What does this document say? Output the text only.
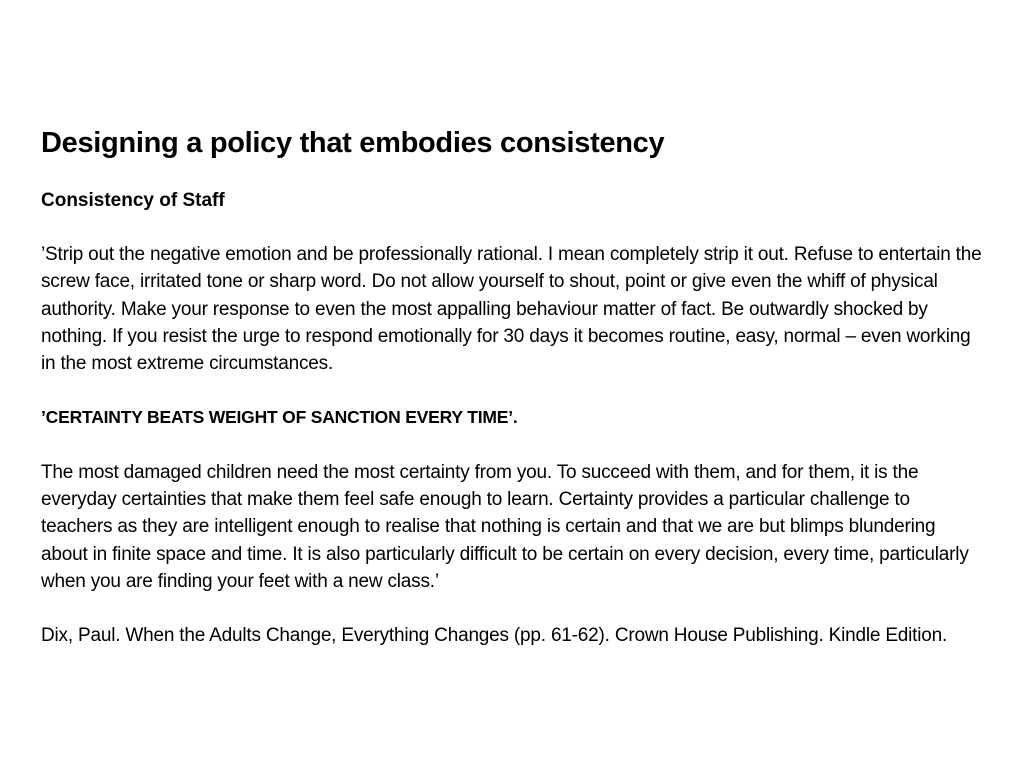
Designing a policy that embodies consistency
Consistency of Staff

’Strip out the negative emotion and be professionally rational. I mean completely strip it out. Refuse to entertain the screw face, irritated tone or sharp word. Do not allow yourself to shout, point or give even the whiff of physical authority. Make your response to even the most appalling behaviour matter of fact. Be outwardly shocked by nothing. If you resist the urge to respond emotionally for 30 days it becomes routine, easy, normal – even working in the most extreme circumstances.

’CERTAINTY BEATS WEIGHT OF SANCTION EVERY TIME’.

The most damaged children need the most certainty from you. To succeed with them, and for them, it is the everyday certainties that make them feel safe enough to learn. Certainty provides a particular challenge to teachers as they are intelligent enough to realise that nothing is certain and that we are but blimps blundering about in finite space and time. It is also particularly difficult to be certain on every decision, every time, particularly when you are finding your feet with a new class.’

Dix, Paul. When the Adults Change, Everything Changes (pp. 61-62). Crown House Publishing. Kindle Edition.
